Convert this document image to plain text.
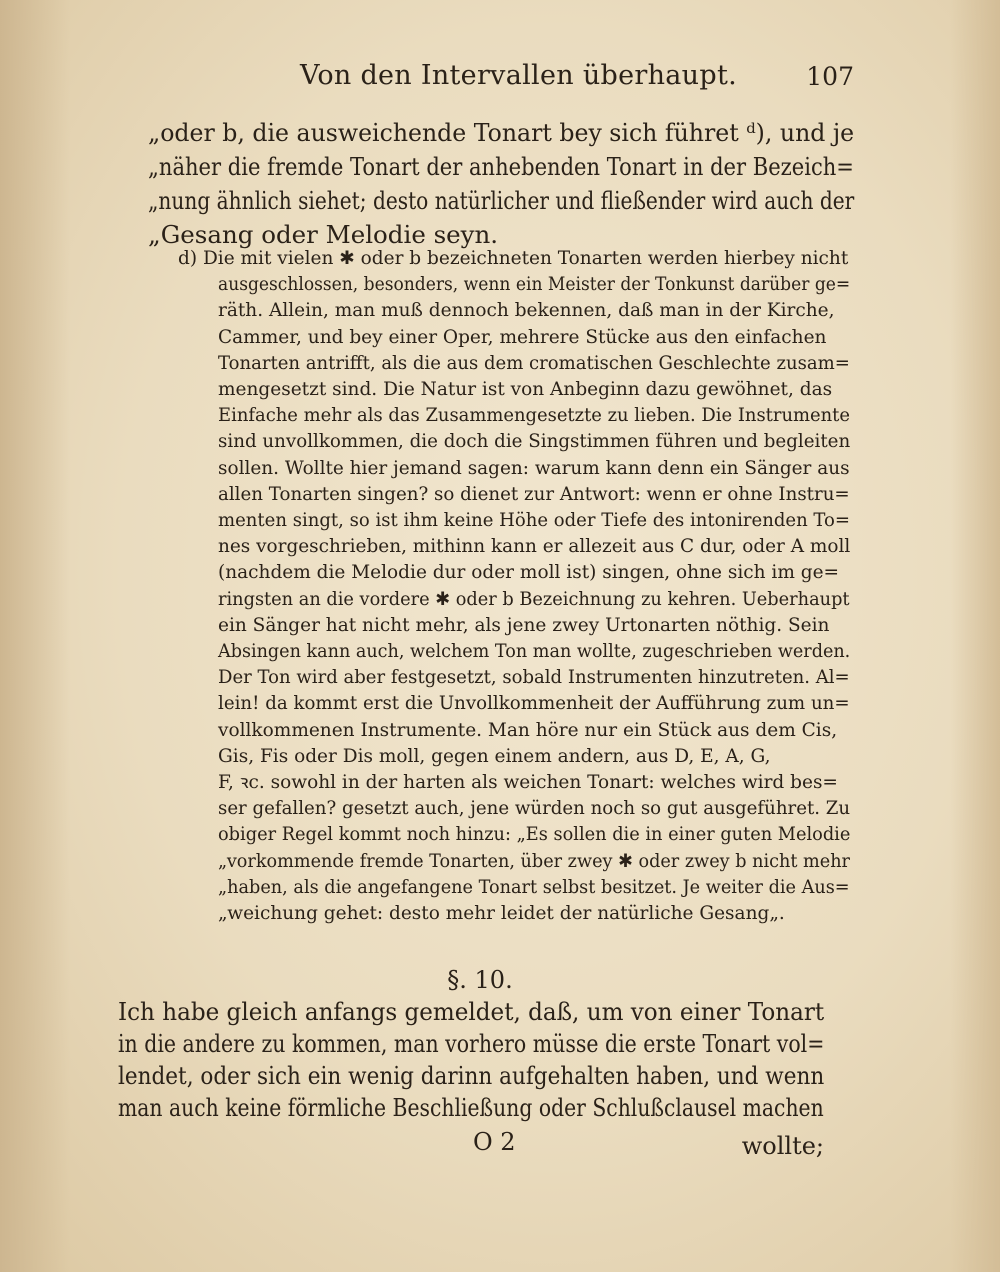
Von den Intervallen überhaupt.	107
„oder b, die ausweichende Tonart bey sich führet ᵈ), und je
„näher die fremde Tonart der anhebenden Tonart in der Bezeich=
„nung ähnlich siehet; desto natürlicher und fließender wird auch der
„Gesang oder Melodie seyn.
d) Die mit vielen ✱ oder b bezeichneten Tonarten werden hierbey nicht
ausgeschlossen, besonders, wenn ein Meister der Tonkunst darüber ge=
räth. Allein, man muß dennoch bekennen, daß man in der Kirche,
Cammer, und bey einer Oper, mehrere Stücke aus den einfachen
Tonarten antrifft, als die aus dem cromatischen Geschlechte zusam=
mengesetzt sind. Die Natur ist von Anbeginn dazu gewöhnet, das
Einfache mehr als das Zusammengesetzte zu lieben. Die Instrumente
sind unvollkommen, die doch die Singstimmen führen und begleiten
sollen. Wollte hier jemand sagen: warum kann denn ein Sänger aus
allen Tonarten singen? so dienet zur Antwort: wenn er ohne Instru=
menten singt, so ist ihm keine Höhe oder Tiefe des intonirenden To=
nes vorgeschrieben, mithinn kann er allezeit aus C dur, oder A moll
(nachdem die Melodie dur oder moll ist) singen, ohne sich im ge=
ringsten an die vordere ✱ oder b Bezeichnung zu kehren. Ueberhaupt
ein Sänger hat nicht mehr, als jene zwey Urtonarten nöthig. Sein
Absingen kann auch, welchem Ton man wollte, zugeschrieben werden.
Der Ton wird aber festgesetzt, sobald Instrumenten hinzutreten. Al=
lein! da kommt erst die Unvollkommenheit der Aufführung zum un=
vollkommenen Instrumente. Man höre nur ein Stück aus dem Cis,
Gis, Fis oder Dis moll, gegen einem andern, aus D, E, A, G,
F, ꝛc. sowohl in der harten als weichen Tonart: welches wird bes=
ser gefallen? gesetzt auch, jene würden noch so gut ausgeführet. Zu
obiger Regel kommt noch hinzu: „Es sollen die in einer guten Melodie
„vorkommende fremde Tonarten, über zwey ✱ oder zwey b nicht mehr
„haben, als die angefangene Tonart selbst besitzet. Je weiter die Aus=
„weichung gehet: desto mehr leidet der natürliche Gesang„.
§. 10.
Ich habe gleich anfangs gemeldet, daß, um von einer Tonart
in die andere zu kommen, man vorhero müsse die erste Tonart vol=
lendet, oder sich ein wenig darinn aufgehalten haben, und wenn
man auch keine förmliche Beschließung oder Schlußclausel machen
O 2	wollte;
